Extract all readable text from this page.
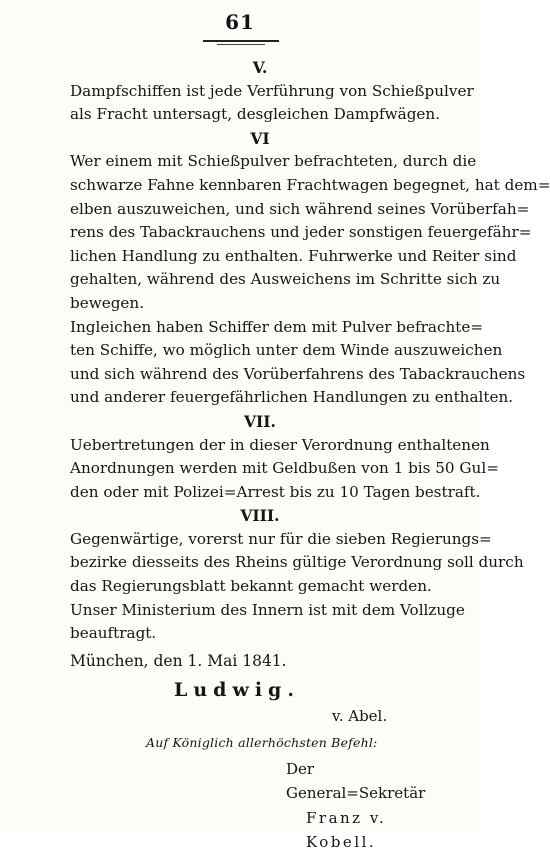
61
V.
Dampfschiffen ist jede Verführung von Schießpulver
als Fracht untersagt, desgleichen Dampfwägen.
VI
Wer einem mit Schießpulver befrachteten, durch die
schwarze Fahne kennbaren Frachtwagen begegnet, hat dem=
elben auszuweichen, und sich während seines Vorüberfah=
rens des Tabackrauchens und jeder sonstigen feuergefähr=
lichen Handlung zu enthalten. Fuhrwerke und Reiter sind
gehalten, während des Ausweichens im Schritte sich zu
bewegen.
Ingleichen haben Schiffer dem mit Pulver befrachte=
ten Schiffe, wo möglich unter dem Winde auszuweichen
und sich während des Vorüberfahrens des Tabackrauchens
und anderer feuergefährlichen Handlungen zu enthalten.
VII.
Uebertretungen der in dieser Verordnung enthaltenen
Anordnungen werden mit Geldbußen von 1 bis 50 Gul=
den oder mit Polizei=Arrest bis zu 10 Tagen bestraft.
VIII.
Gegenwärtige, vorerst nur für die sieben Regierungs=
bezirke diesseits des Rheins gültige Verordnung soll durch
das Regierungsblatt bekannt gemacht werden.
Unser Ministerium des Innern ist mit dem Vollzuge
beauftragt.
München, den 1. Mai 1841.
Ludwig.
v. Abel.
Auf Königlich allerhöchsten Befehl:
Der General=Sekretär
Franz v. Kobell.
